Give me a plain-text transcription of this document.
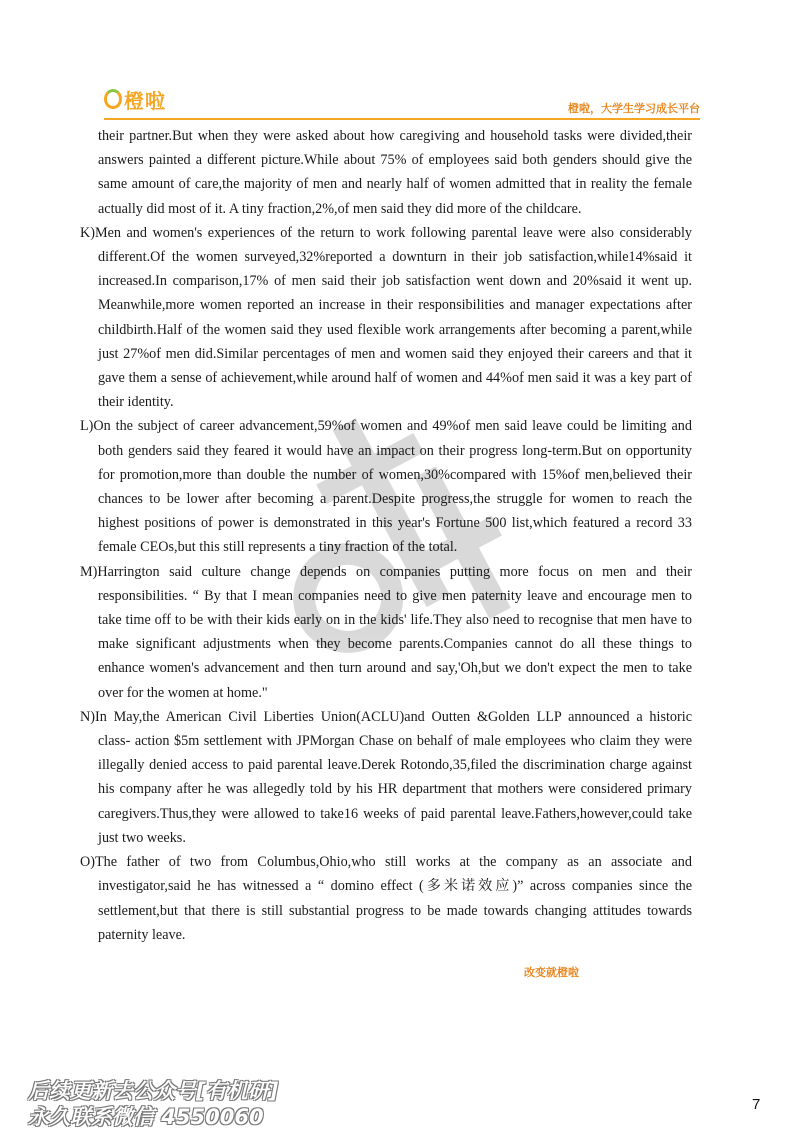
橙啦	橙啦，大学生学习成长平台

their partner.But when they were asked about how caregiving and household tasks were divided,their answers painted a different picture.While about 75% of employees said both genders should give the same amount of care,the majority of men and nearly half of women admitted that in reality the female actually did most of it. A tiny fraction,2%,of men said they did more of the childcare.

K)Men and women's experiences of the return to work following parental leave were also considerably different.Of the women surveyed,32%reported a downturn in their job satisfaction,while14%said it increased.In comparison,17% of men said their job satisfaction went down and 20%said it went up. Meanwhile,more women reported an increase in their responsibilities and manager expectations after childbirth.Half of the women said they used flexible work arrangements after becoming a parent,while just 27%of men did.Similar percentages of men and women said they enjoyed their careers and that it gave them a sense of achievement,while around half of women and 44%of men said it was a key part of their identity.

L)On the subject of career advancement,59%of women and 49%of men said leave could be limiting and both genders said they feared it would have an impact on their progress long-term.But on opportunity for promotion,more than double the number of women,30%compared with 15%of men,believed their chances to be lower after becoming a parent.Despite progress,the struggle for women to reach the highest positions of power is demonstrated in this year's Fortune 500 list,which featured a record 33 female CEOs,but this still represents a tiny fraction of the total.

M)Harrington said culture change depends on companies putting more focus on men and their responsibilities. “ By that I mean companies need to give men paternity leave and encourage men to take time off to be with their kids early on in the kids' life.They also need to recognise that men have to make significant adjustments when they become parents.Companies cannot do all these things to enhance women's advancement and then turn around and say,'Oh,but we don't expect the men to take over for the women at home."

N)In May,the American Civil Liberties Union(ACLU)and Outten &Golden LLP announced a historic class- action $5m settlement with JPMorgan Chase on behalf of male employees who claim they were illegally denied access to paid parental leave.Derek Rotondo,35,filed the discrimination charge against his company after he was allegedly told by his HR department that mothers were considered primary caregivers.Thus,they were allowed to take16 weeks of paid parental leave.Fathers,however,could take just two weeks.

O)The father of two from Columbus,Ohio,who still works at the company as an associate and investigator,said he has witnessed a “ domino effect (多米诺效应)” across companies since the settlement,but that there is still substantial progress to be made towards changing attitudes towards paternity leave.

改变就橙啦
后续更新去公众号[有机研]
永久联系微信 4550060
7
